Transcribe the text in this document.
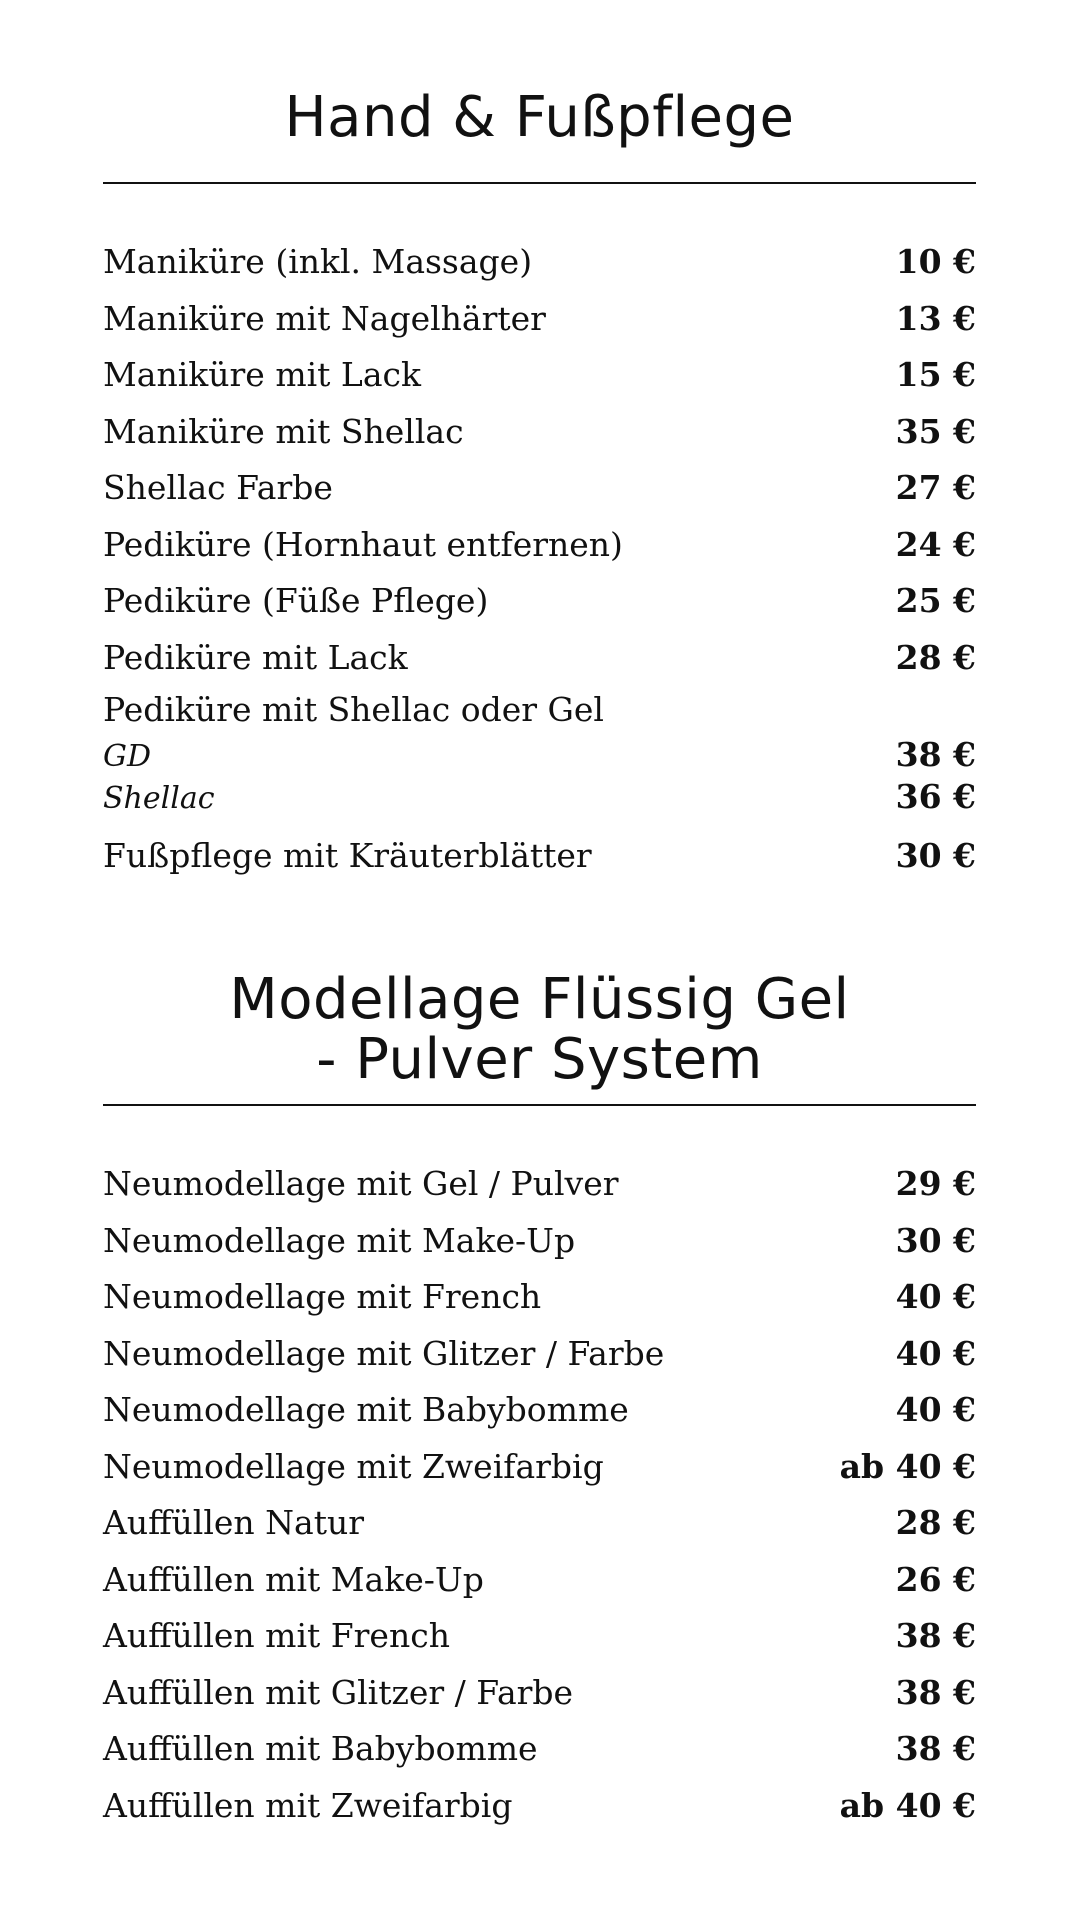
Hand & Fußpflege
Maniküre (inkl. Massage)	10 €
Maniküre mit Nagelhärter	13 €
Maniküre mit Lack	15 €
Maniküre mit Shellac	35 €
Shellac Farbe	27 €
Pediküre (Hornhaut entfernen)	24 €
Pediküre (Füße Pflege)	25 €
Pediküre mit Lack	28 €
Pediküre mit Shellac oder Gel
GD	38 €
Shellac	36 €
Fußpflege mit Kräuterblätter	30 €
Modellage Flüssig Gel
- Pulver System
Neumodellage mit Gel / Pulver	29 €
Neumodellage mit Make-Up	30 €
Neumodellage mit French	40 €
Neumodellage mit Glitzer / Farbe	40 €
Neumodellage mit Babybomme	40 €
Neumodellage mit Zweifarbig	ab 40 €
Auffüllen Natur	28 €
Auffüllen mit Make-Up	26 €
Auffüllen mit French	38 €
Auffüllen mit Glitzer / Farbe	38 €
Auffüllen mit Babybomme	38 €
Auffüllen mit Zweifarbig	ab 40 €
